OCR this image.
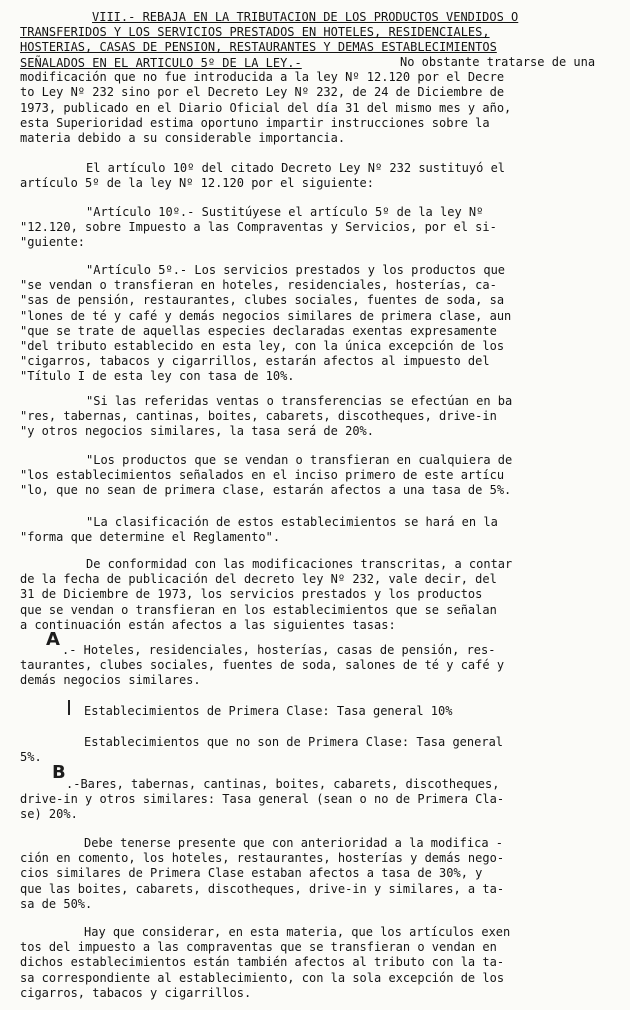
VIII.- REBAJA EN LA TRIBUTACION DE LOS PRODUCTOS VENDIDOS O
TRANSFERIDOS Y LOS SERVICIOS PRESTADOS EN HOTELES, RESIDENCIALES,
HOSTERIAS, CASAS DE PENSION, RESTAURANTES Y DEMAS ESTABLECIMIENTOS
SEÑALADOS EN EL ARTICULO 5º DE LA LEY.-	No obstante tratarse de una
modificación que no fue introducida a la ley Nº 12.120 por el Decre
to Ley Nº 232 sino por el Decreto Ley Nº 232, de 24 de Diciembre de
1973, publicado en el Diario Oficial del día 31 del mismo mes y año,
esta Superioridad estima oportuno impartir instrucciones sobre la
materia debido a su considerable importancia.
El artículo 10º del citado Decreto Ley Nº 232 sustituyó el
artículo 5º de la ley Nº 12.120 por el siguiente:
"Artículo 10º.- Sustitúyese el artículo 5º de la ley Nº
"12.120, sobre Impuesto a las Compraventas y Servicios, por el si-
"guiente:
"Artículo 5º.- Los servicios prestados y los productos que
"se vendan o transfieran en hoteles, residenciales, hosterías, ca-
"sas de pensión, restaurantes, clubes sociales, fuentes de soda, sa
"lones de té y café y demás negocios similares de primera clase, aun
"que se trate de aquellas especies declaradas exentas expresamente
"del tributo establecido en esta ley, con la única excepción de los
"cigarros, tabacos y cigarrillos, estarán afectos al impuesto del
"Título I de esta ley con tasa de 10%.
"Si las referidas ventas o transferencias se efectúan en ba
"res, tabernas, cantinas, boites, cabarets, discotheques, drive-in
"y otros negocios similares, la tasa será de 20%.
"Los productos que se vendan o transfieran en cualquiera de
"los establecimientos señalados en el inciso primero de este artícu
"lo, que no sean de primera clase, estarán afectos a una tasa de 5%.
"La clasificación de estos establecimientos se hará en la
"forma que determine el Reglamento".
De conformidad con las modificaciones transcritas, a contar
de la fecha de publicación del decreto ley Nº 232, vale decir, del
31 de Diciembre de 1973, los servicios prestados y los productos
que se vendan o transfieran en los establecimientos que se señalan
a continuación están afectos a las siguientes tasas:
A .- Hoteles, residenciales, hosterías, casas de pensión, res-
taurantes, clubes sociales, fuentes de soda, salones de té y café y
demás negocios similares.
Establecimientos de Primera Clase: Tasa general 10%
Establecimientos que no son de Primera Clase: Tasa general
5%.
B
.-Bares, tabernas, cantinas, boites, cabarets, discotheques,
drive-in y otros similares: Tasa general (sean o no de Primera Cla-
se) 20%.
Debe tenerse presente que con anterioridad a la modifica -
ción en comento, los hoteles, restaurantes, hosterías y demás nego-
cios similares de Primera Clase estaban afectos a tasa de 30%, y
que las boites, cabarets, discotheques, drive-in y similares, a ta-
sa de 50%.
Hay que considerar, en esta materia, que los artículos exen
tos del impuesto a las compraventas que se transfieran o vendan en
dichos establecimientos están también afectos al tributo con la ta-
sa correspondiente al establecimiento, con la sola excepción de los
cigarros, tabacos y cigarrillos.
